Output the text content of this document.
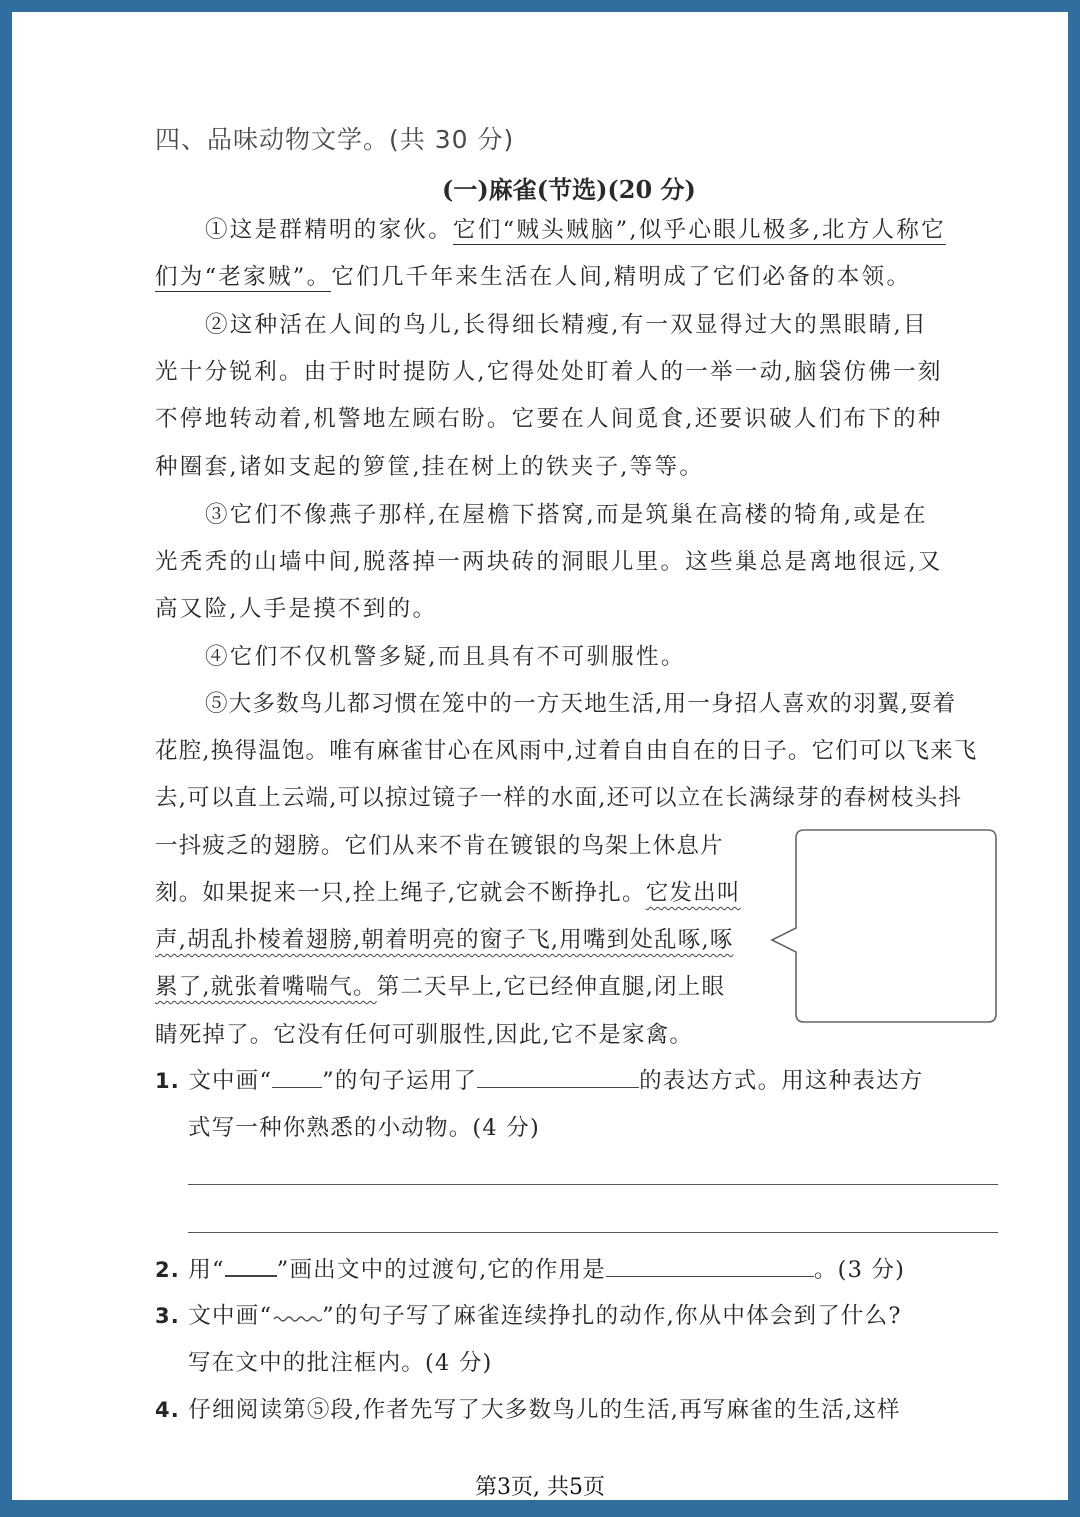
四、品味动物文学。(共 30 分)
(一)麻雀(节选)(20 分)
①这是群精明的家伙。它们“贼头贼脑”,似乎心眼儿极多,北方人称它
们为“老家贼”。它们几千年来生活在人间,精明成了它们必备的本领。
②这种活在人间的鸟儿,长得细长精瘦,有一双显得过大的黑眼睛,目
光十分锐利。由于时时提防人,它得处处盯着人的一举一动,脑袋仿佛一刻
不停地转动着,机警地左顾右盼。它要在人间觅食,还要识破人们布下的种
种圈套,诸如支起的箩筐,挂在树上的铁夹子,等等。
③它们不像燕子那样,在屋檐下搭窝,而是筑巢在高楼的犄角,或是在
光秃秃的山墙中间,脱落掉一两块砖的洞眼儿里。这些巢总是离地很远,又
高又险,人手是摸不到的。
④它们不仅机警多疑,而且具有不可驯服性。
⑤大多数鸟儿都习惯在笼中的一方天地生活,用一身招人喜欢的羽翼,耍着
花腔,换得温饱。唯有麻雀甘心在风雨中,过着自由自在的日子。它们可以飞来飞
去,可以直上云端,可以掠过镜子一样的水面,还可以立在长满绿芽的春树枝头抖
一抖疲乏的翅膀。它们从来不肯在镀银的鸟架上休息片
刻。如果捉来一只,拴上绳子,它就会不断挣扎。它发出叫
声,胡乱扑棱着翅膀,朝着明亮的窗子飞,用嘴到处乱啄,啄
累了,就张着嘴喘气。第二天早上,它已经伸直腿,闭上眼
睛死掉了。它没有任何可驯服性,因此,它不是家禽。
1. 文中画“ ”的句子运用了	的表达方式。用这种表达方
式写一种你熟悉的小动物。(4 分)
2. 用“ ”画出文中的过渡句,它的作用是	。(3 分)
3. 文中画“ ”的句子写了麻雀连续挣扎的动作,你从中体会到了什么?
写在文中的批注框内。(4 分)
4. 仔细阅读第⑤段,作者先写了大多数鸟儿的生活,再写麻雀的生活,这样
第3页, 共5页
